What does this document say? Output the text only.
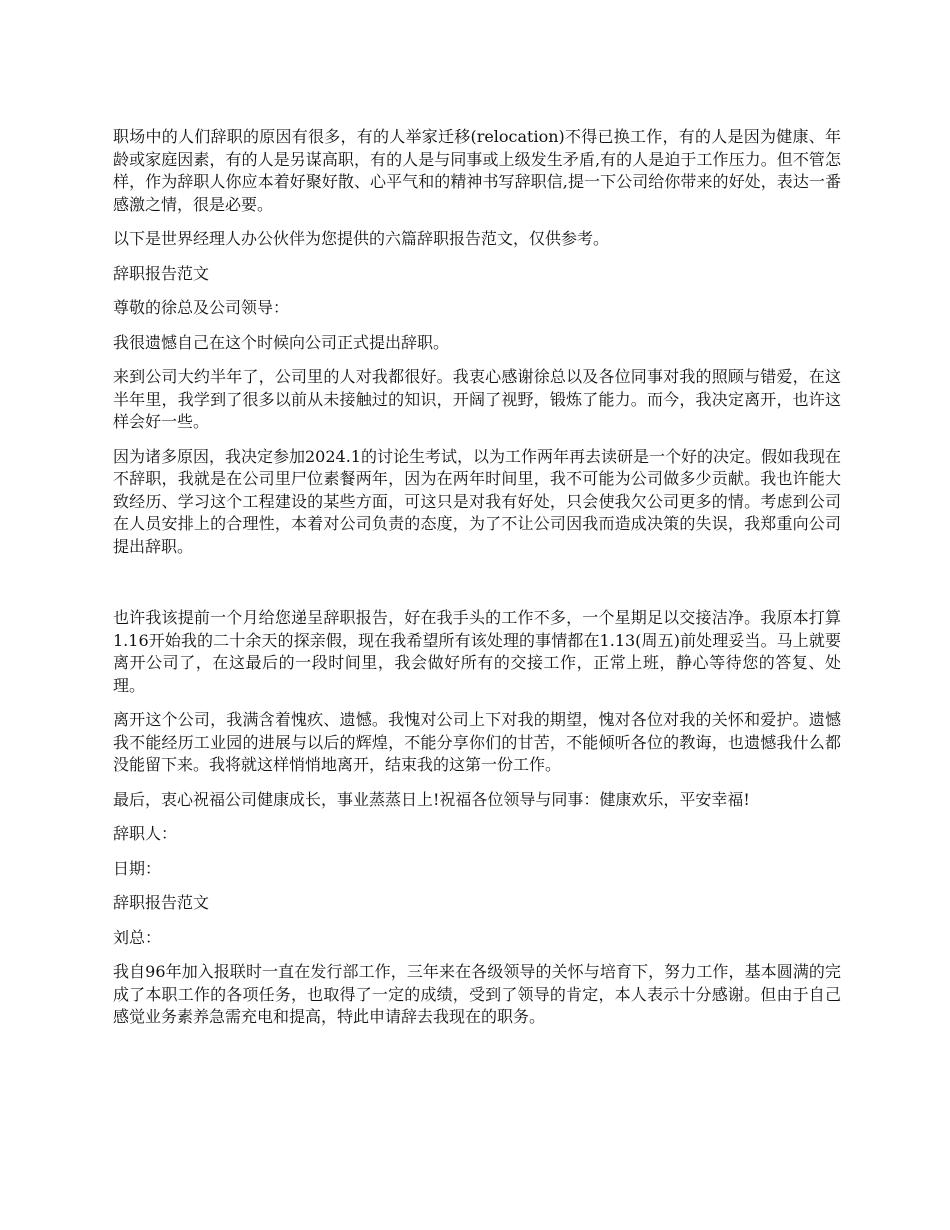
职场中的人们辞职的原因有很多，有的人举家迁移(relocation)不得已换工作，有的人是因为健康、年龄或家庭因素，有的人是另谋高职，有的人是与同事或上级发生矛盾,有的人是迫于工作压力。但不管怎样，作为辞职人你应本着好聚好散、心平气和的精神书写辞职信,提一下公司给你带来的好处，表达一番感激之情，很是必要。

以下是世界经理人办公伙伴为您提供的六篇辞职报告范文，仅供参考。

辞职报告范文

尊敬的徐总及公司领导：

我很遗憾自己在这个时候向公司正式提出辞职。

来到公司大约半年了，公司里的人对我都很好。我衷心感谢徐总以及各位同事对我的照顾与错爱，在这半年里，我学到了很多以前从未接触过的知识，开阔了视野，锻炼了能力。而今，我决定离开，也许这样会好一些。

因为诸多原因，我决定参加2024.1的讨论生考试，以为工作两年再去读研是一个好的决定。假如我现在不辞职，我就是在公司里尸位素餐两年，因为在两年时间里，我不可能为公司做多少贡献。我也许能大致经历、学习这个工程建设的某些方面，可这只是对我有好处，只会使我欠公司更多的情。考虑到公司在人员安排上的合理性，本着对公司负责的态度，为了不让公司因我而造成决策的失误，我郑重向公司提出辞职。

也许我该提前一个月给您递呈辞职报告，好在我手头的工作不多，一个星期足以交接洁净。我原本打算1.16开始我的二十余天的探亲假，现在我希望所有该处理的事情都在1.13(周五)前处理妥当。马上就要离开公司了，在这最后的一段时间里，我会做好所有的交接工作，正常上班，静心等待您的答复、处理。

离开这个公司，我满含着愧疚、遗憾。我愧对公司上下对我的期望，愧对各位对我的关怀和爱护。遗憾我不能经历工业园的进展与以后的辉煌，不能分享你们的甘苦，不能倾听各位的教诲，也遗憾我什么都没能留下来。我将就这样悄悄地离开，结束我的这第一份工作。

最后，衷心祝福公司健康成长，事业蒸蒸日上!祝福各位领导与同事：健康欢乐，平安幸福!

辞职人：

日期：

辞职报告范文

刘总：

我自96年加入报联时一直在发行部工作，三年来在各级领导的关怀与培育下，努力工作，基本圆满的完成了本职工作的各项任务，也取得了一定的成绩，受到了领导的肯定，本人表示十分感谢。但由于自己感觉业务素养急需充电和提高，特此申请辞去我现在的职务。
